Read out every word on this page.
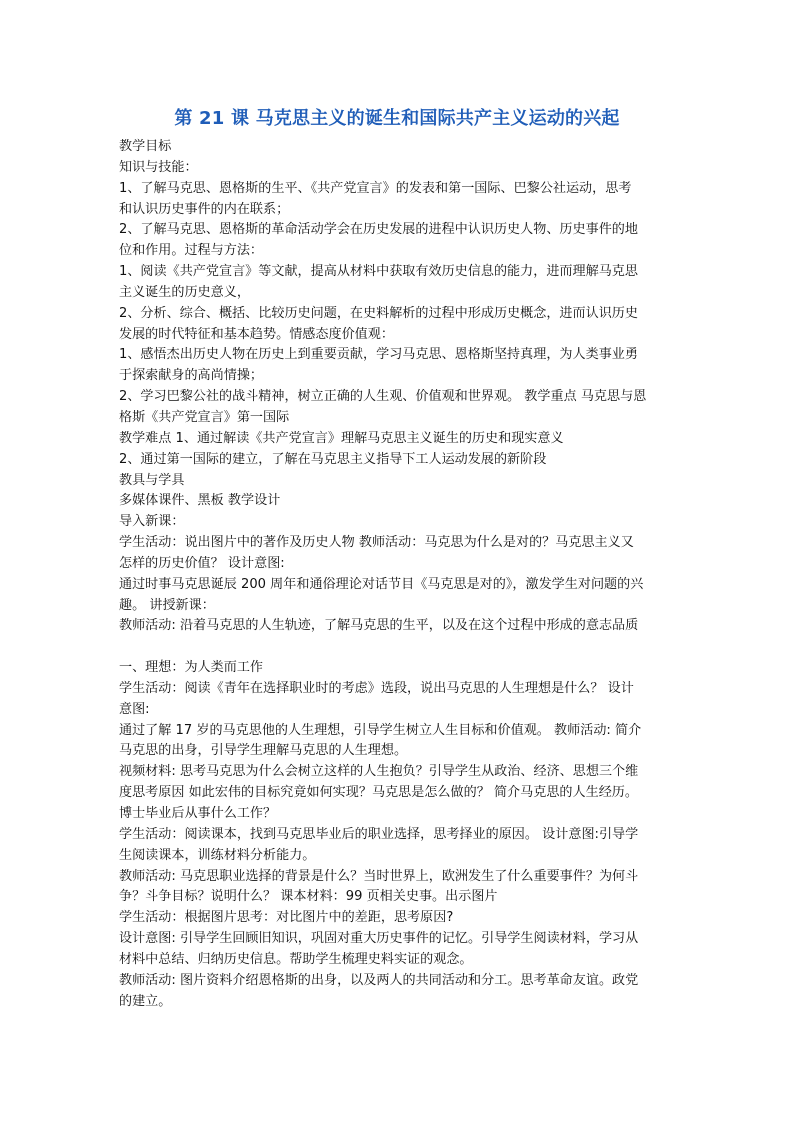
第 21 课 马克思主义的诞生和国际共产主义运动的兴起
教学目标
知识与技能：
1、了解马克思、恩格斯的生平、《共产党宣言》的发表和第一国际、巴黎公社运动，思考
和认识历史事件的内在联系；
2、了解马克思、恩格斯的革命活动学会在历史发展的进程中认识历史人物、历史事件的地
位和作用。过程与方法：
1、阅读《共产党宣言》等文献，提高从材料中获取有效历史信息的能力，进而理解马克思
主义诞生的历史意义，
2、分析、综合、概括、比较历史问题，在史料解析的过程中形成历史概念，进而认识历史
发展的时代特征和基本趋势。情感态度价值观：
1、感悟杰出历史人物在历史上到重要贡献，学习马克思、恩格斯坚持真理，为人类事业勇
于探索献身的高尚情操；
2、学习巴黎公社的战斗精神，树立正确的人生观、价值观和世界观。 教学重点 马克思与恩
格斯《共产党宣言》第一国际
教学难点 1、通过解读《共产党宣言》理解马克思主义诞生的历史和现实意义
2、通过第一国际的建立，了解在马克思主义指导下工人运动发展的新阶段
教具与学具
多媒体课件、黑板 教学设计
导入新课：
学生活动：说出图片中的著作及历史人物 教师活动：马克思为什么是对的？马克思主义又
怎样的历史价值？ 设计意图:
通过时事马克思诞辰 200 周年和通俗理论对话节目《马克思是对的》，激发学生对问题的兴
趣。 讲授新课：
教师活动: 沿着马克思的人生轨迹，了解马克思的生平，以及在这个过程中形成的意志品质
一、理想：为人类而工作
学生活动：阅读《青年在选择职业时的考虑》选段，说出马克思的人生理想是什么？ 设计
意图:
通过了解 17 岁的马克思他的人生理想，引导学生树立人生目标和价值观。 教师活动: 简介
马克思的出身，引导学生理解马克思的人生理想。
视频材料: 思考马克思为什么会树立这样的人生抱负？引导学生从政治、经济、思想三个维
度思考原因 如此宏伟的目标究竟如何实现？马克思是怎么做的？ 简介马克思的人生经历。
博士毕业后从事什么工作？
学生活动：阅读课本，找到马克思毕业后的职业选择，思考择业的原因。 设计意图:引导学
生阅读课本，训练材料分析能力。
教师活动: 马克思职业选择的背景是什么？当时世界上，欧洲发生了什么重要事件？为何斗
争？斗争目标？说明什么？ 课本材料：99 页相关史事。出示图片
学生活动：根据图片思考：对比图片中的差距，思考原因?
设计意图: 引导学生回顾旧知识，巩固对重大历史事件的记忆。引导学生阅读材料，学习从
材料中总结、归纳历史信息。帮助学生梳理史料实证的观念。
教师活动: 图片资料介绍恩格斯的出身，以及两人的共同活动和分工。思考革命友谊。政党
的建立。
